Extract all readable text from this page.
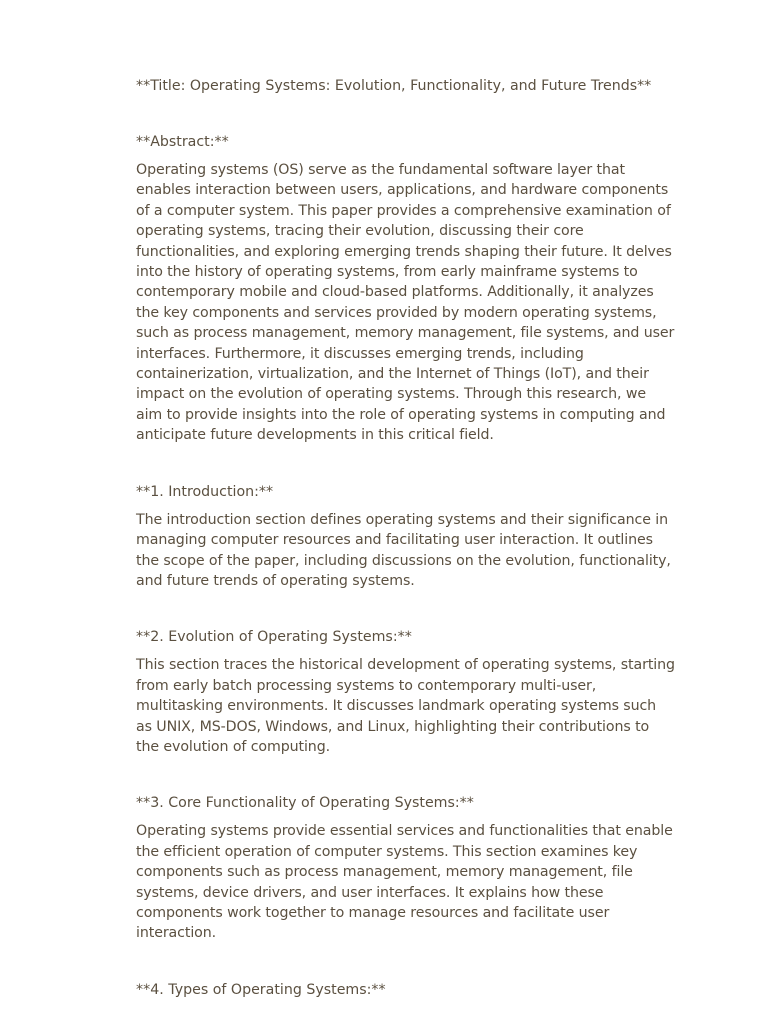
**Title: Operating Systems: Evolution, Functionality, and Future Trends**

**Abstract:**

Operating systems (OS) serve as the fundamental software layer that enables interaction between users, applications, and hardware components of a computer system. This paper provides a comprehensive examination of operating systems, tracing their evolution, discussing their core functionalities, and exploring emerging trends shaping their future. It delves into the history of operating systems, from early mainframe systems to contemporary mobile and cloud-based platforms. Additionally, it analyzes the key components and services provided by modern operating systems, such as process management, memory management, file systems, and user interfaces. Furthermore, it discusses emerging trends, including containerization, virtualization, and the Internet of Things (IoT), and their impact on the evolution of operating systems. Through this research, we aim to provide insights into the role of operating systems in computing and anticipate future developments in this critical field.

**1. Introduction:**

The introduction section defines operating systems and their significance in managing computer resources and facilitating user interaction. It outlines the scope of the paper, including discussions on the evolution, functionality, and future trends of operating systems.

**2. Evolution of Operating Systems:**

This section traces the historical development of operating systems, starting from early batch processing systems to contemporary multi-user, multitasking environments. It discusses landmark operating systems such as UNIX, MS-DOS, Windows, and Linux, highlighting their contributions to the evolution of computing.

**3. Core Functionality of Operating Systems:**

Operating systems provide essential services and functionalities that enable the efficient operation of computer systems. This section examines key components such as process management, memory management, file systems, device drivers, and user interfaces. It explains how these components work together to manage resources and facilitate user interaction.

**4. Types of Operating Systems:**
